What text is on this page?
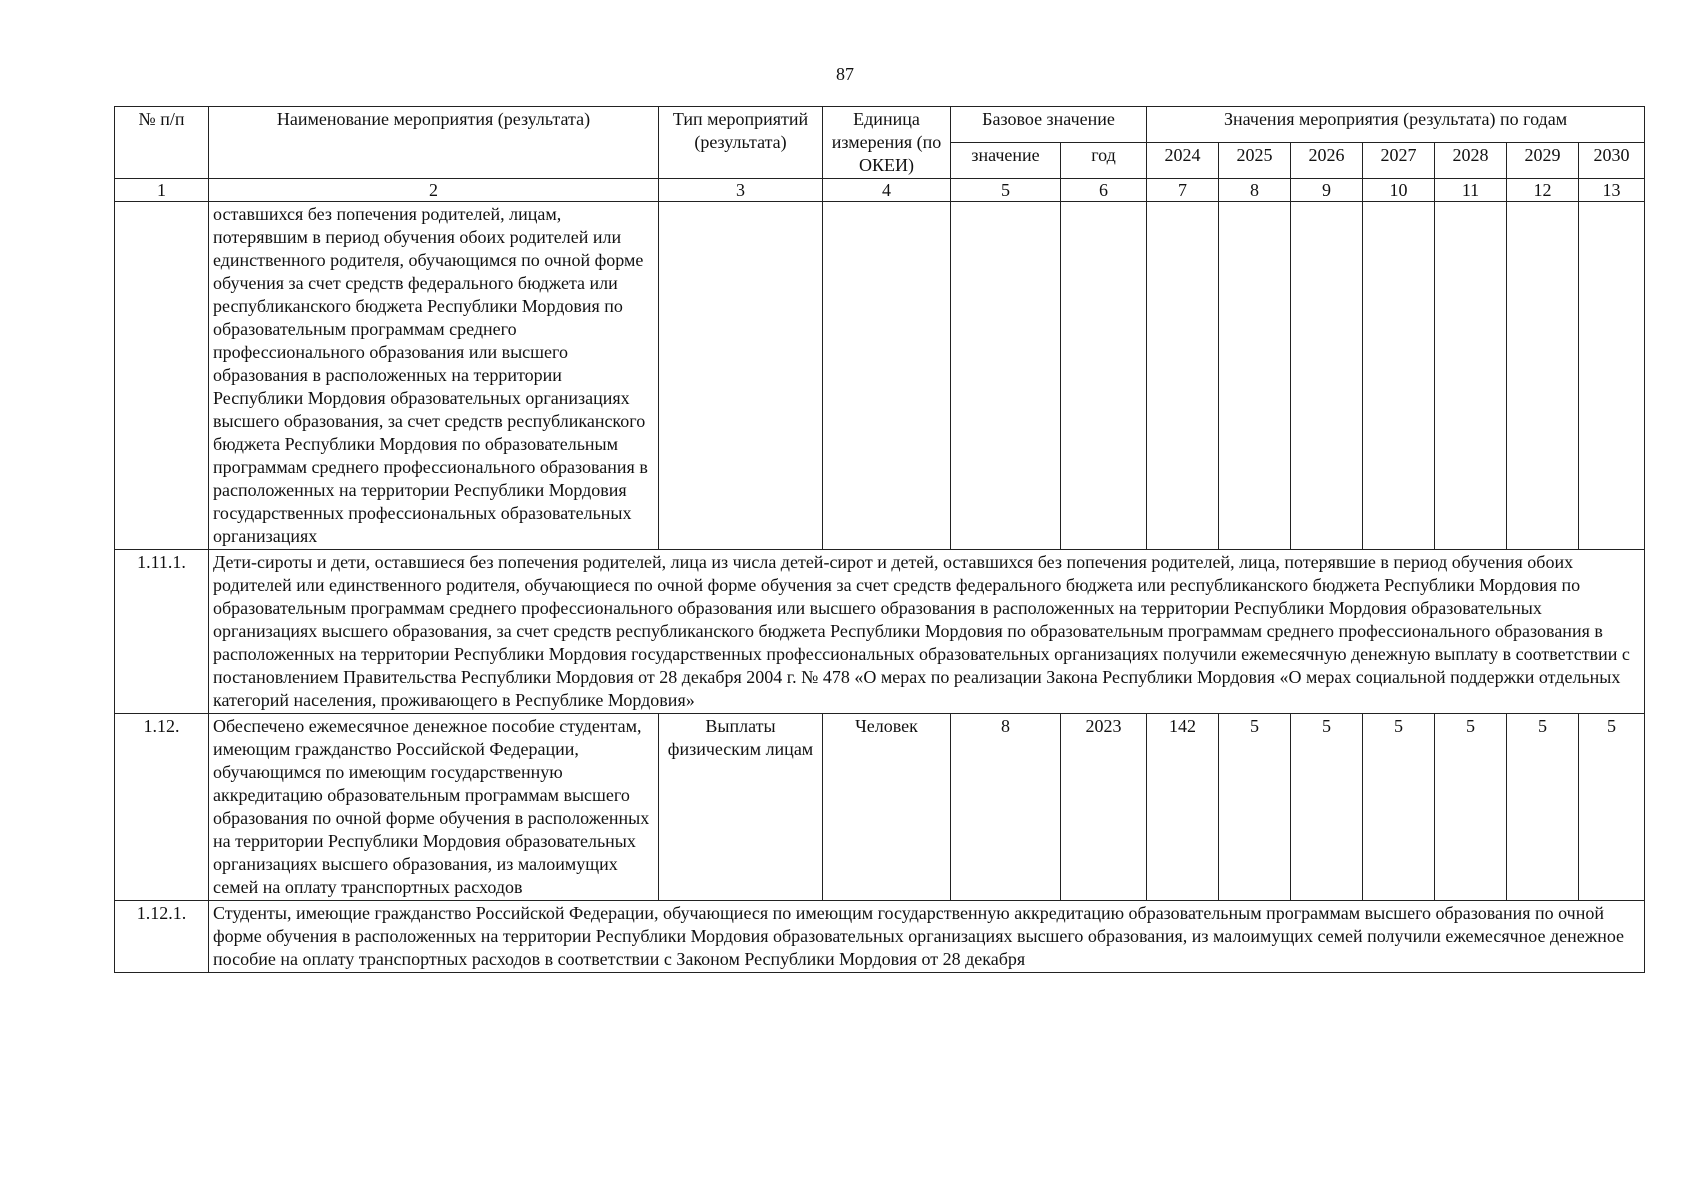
87
№ п/п	Наименование мероприятия (результата)	Тип мероприятий (результата)	Единица измерения (по ОКЕИ)	Базовое значение		Значения мероприятия (результата) по годам						
				значение	год	2024	2025	2026	2027	2028	2029	2030
1	2	3	4	5	6	7	8	9	10	11	12	13
	оставшихся без попечения родителей, лицам, потерявшим в период обучения обоих родителей или единственного родителя, обучающимся по очной форме обучения за счет средств федерального бюджета или республиканского бюджета Республики Мордовия по образовательным программам среднего профессионального образования или высшего образования в расположенных на территории Республики Мордовия образовательных организациях высшего образования, за счет средств республиканского бюджета Республики Мордовия по образовательным программам среднего профессионального образования в расположенных на территории Республики Мордовия государственных профессиональных образовательных организациях											
1.11.1.	Дети-сироты и дети, оставшиеся без попечения родителей, лица из числа детей-сирот и детей, оставшихся без попечения родителей, лица, потерявшие в период обучения обоих родителей или единственного родителя, обучающиеся по очной форме обучения за счет средств федерального бюджета или республиканского бюджета Республики Мордовия по образовательным программам среднего профессионального образования или высшего образования в расположенных на территории Республики Мордовия образовательных организациях высшего образования, за счет средств республиканского бюджета Республики Мордовия по образовательным программам среднего профессионального образования в расположенных на территории Республики Мордовия государственных профессиональных образовательных организациях получили ежемесячную денежную выплату в соответствии с постановлением Правительства Республики Мордовия от 28 декабря 2004 г. № 478 «О мерах по реализации Закона Республики Мордовия «О мерах социальной поддержки отдельных категорий населения, проживающего в Республике Мордовия»											
1.12.	Обеспечено ежемесячное денежное пособие студентам, имеющим гражданство Российской Федерации, обучающимся по имеющим государственную аккредитацию образовательным программам высшего образования по очной форме обучения в расположенных на территории Республики Мордовия образовательных организациях высшего образования, из малоимущих семей на оплату транспортных расходов	Выплаты физическим лицам	Человек	8	2023	142	5	5	5	5	5	5
1.12.1.	Студенты, имеющие гражданство Российской Федерации, обучающиеся по имеющим государственную аккредитацию образовательным программам высшего образования по очной форме обучения в расположенных на территории Республики Мордовия образовательных организациях высшего образования, из малоимущих семей получили ежемесячное денежное пособие на оплату транспортных расходов в соответствии с Законом Республики Мордовия от 28 декабря											
